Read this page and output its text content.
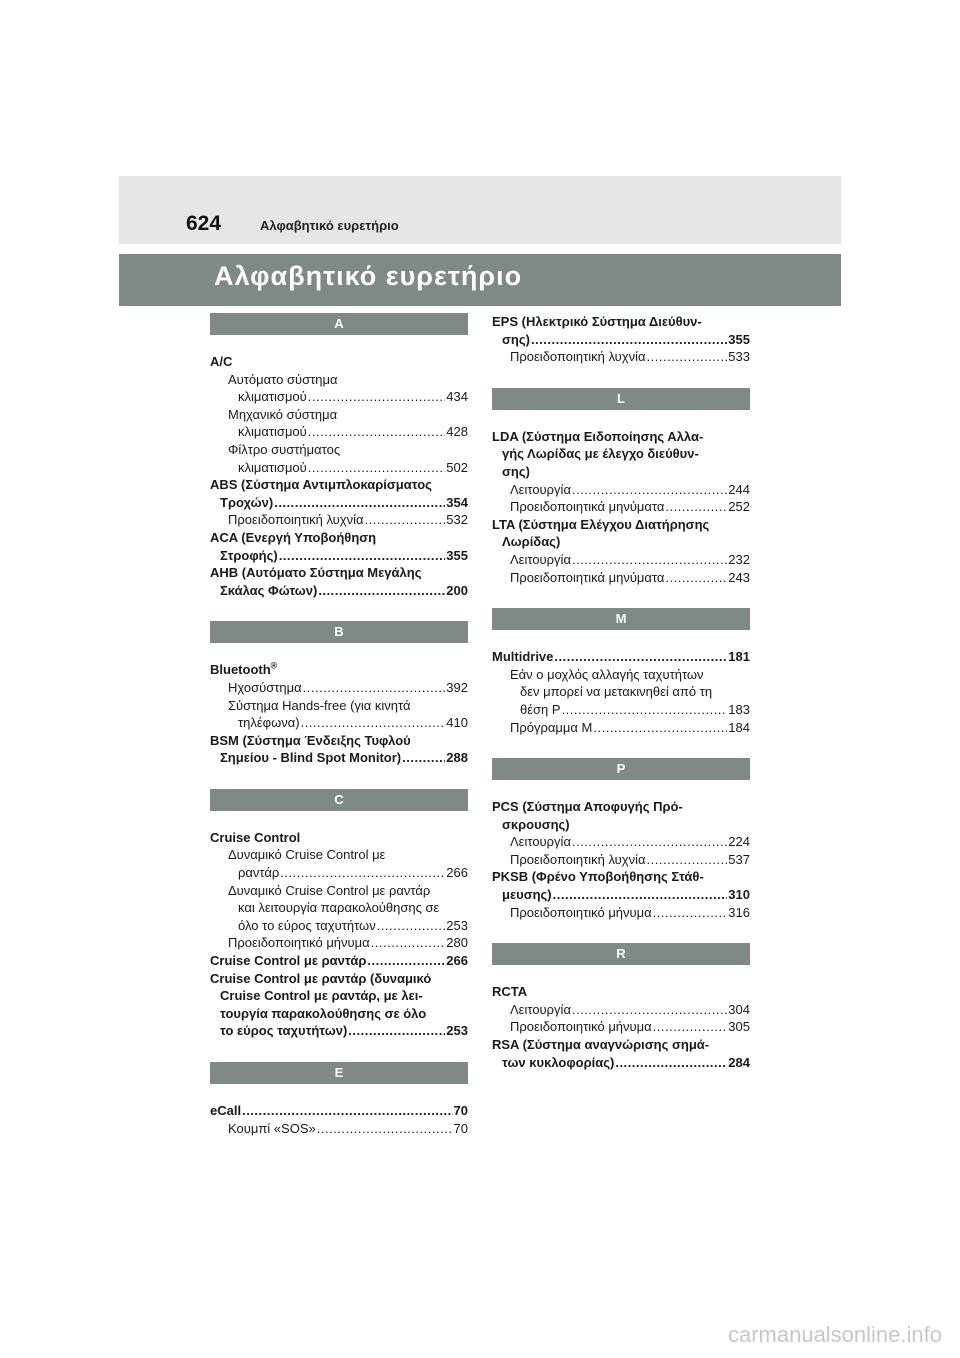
624	Αλφαβητικό ευρετήριο
Αλφαβητικό ευρετήριο
A
A/C
Αυτόματο σύστημα
κλιματισμού .....	434
Μηχανικό σύστημα
κλιματισμού .....	428
Φίλτρο συστήματος
κλιματισμού .....	502
ABS (Σύστημα Αντιμπλοκαρίσματος
Τροχών) .....	354
Προειδοποιητική λυχνία .....	532
ACA (Ενεργή Υποβοήθηση
Στροφής) .....	355
AHB (Αυτόματο Σύστημα Μεγάλης
Σκάλας Φώτων) .....	200
B
Bluetooth®
Ηχοσύστημα .....	392
Σύστημα Hands-free (για κινητά
τηλέφωνα) .....	410
BSM (Σύστημα Ένδειξης Τυφλού
Σημείου - Blind Spot Monitor) .....	288
C
Cruise Control
Δυναμικό Cruise Control με
ραντάρ .....	266
Δυναμικό Cruise Control με ραντάρ
και λειτουργία παρακολούθησης σε
όλο το εύρος ταχυτήτων .....	253
Προειδοποιητικό μήνυμα .....	280
Cruise Control με ραντάρ .....	266
Cruise Control με ραντάρ (δυναμικό
Cruise Control με ραντάρ, με λει-
τουργία παρακολούθησης σε όλο
το εύρος ταχυτήτων) .....	253
E
eCall .....	70
Κουμπί «SOS» .....	70
EPS (Ηλεκτρικό Σύστημα Διεύθυν-
σης) .....	355
Προειδοποιητική λυχνία .....	533
L
LDA (Σύστημα Ειδοποίησης Αλλα-
γής Λωρίδας με έλεγχο διεύθυν-
σης)
Λειτουργία .....	244
Προειδοποιητικά μηνύματα .....	252
LTA (Σύστημα Ελέγχου Διατήρησης
Λωρίδας)
Λειτουργία .....	232
Προειδοποιητικά μηνύματα .....	243
M
Multidrive .....	181
Εάν ο μοχλός αλλαγής ταχυτήτων
δεν μπορεί να μετακινηθεί από τη
θέση P .....	183
Πρόγραμμα M .....	184
P
PCS (Σύστημα Αποφυγής Πρό-
σκρουσης)
Λειτουργία .....	224
Προειδοποιητική λυχνία .....	537
PKSB (Φρένο Υποβοήθησης Στάθ-
μευσης) .....	310
Προειδοποιητικό μήνυμα .....	316
R
RCTA
Λειτουργία .....	304
Προειδοποιητικό μήνυμα .....	305
RSA (Σύστημα αναγνώρισης σημά-
των κυκλοφορίας) .....	284
carmanualsonline.info
